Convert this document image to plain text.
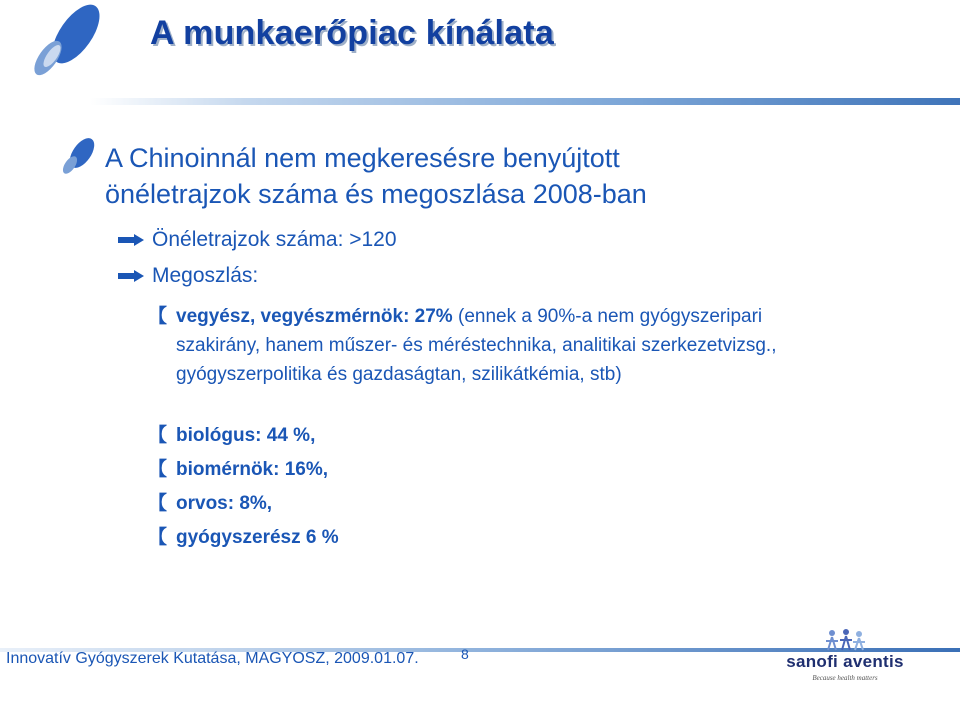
A munkaerőpiac kínálata
A Chinoinnál nem megkeresésre benyújtott
önéletrajzok száma és megoszlása 2008-ban
Önéletrajzok száma: >120
Megoszlás:
【 vegyész, vegyészmérnök: 27% (ennek a 90%-a nem gyógyszeripari szakirány, hanem műszer- és méréstechnika, analitikai szerkezetvizsg., gyógyszerpolitika és gazdaságtan, szilikátkémia, stb)
【 biológus: 44 %,
【 biomérnök: 16%,
【 orvos: 8%,
【 gyógyszerész 6 %
Innovatív Gyógyszerek Kutatása, MAGYOSZ, 2009.01.07.	8	sanofi aventis
Because health matters
